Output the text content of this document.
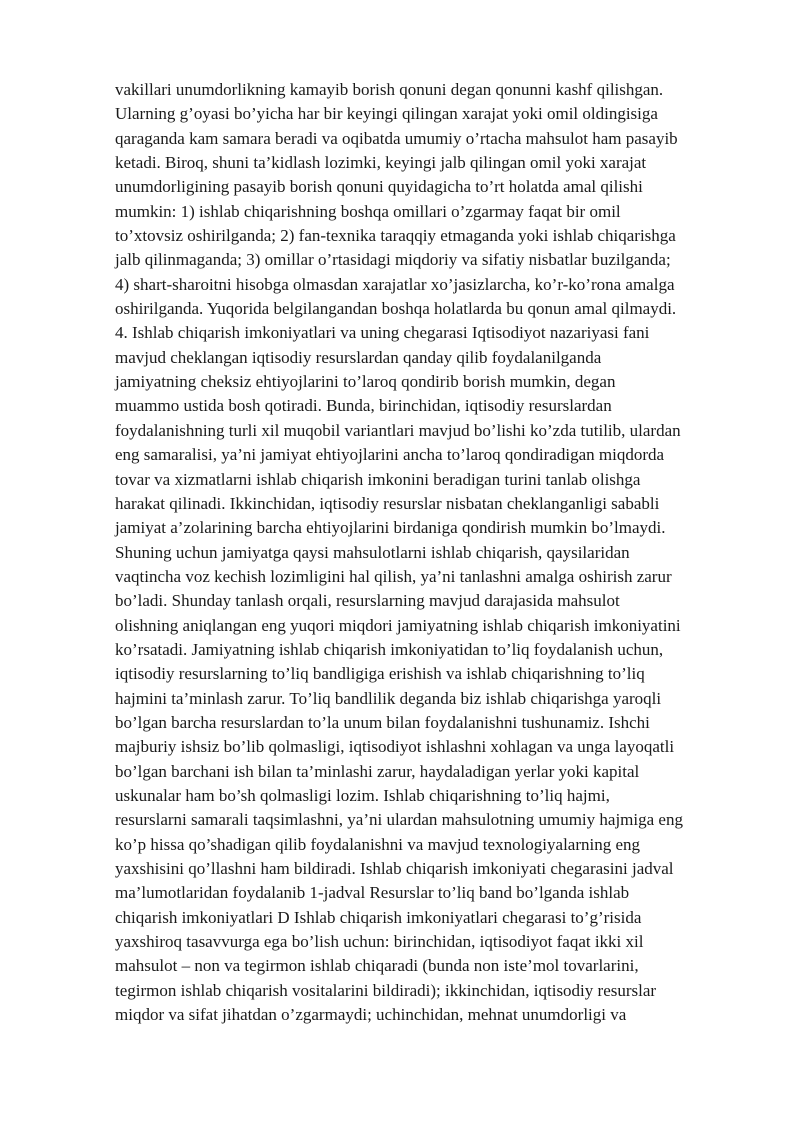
vakillari unumdorlikning kamayib borish qonuni degan qonunni kashf qilishgan.
Ularning g’oyasi bo’yicha har bir keyingi qilingan xarajat yoki omil oldingisiga
qaraganda kam samara beradi va oqibatda umumiy o’rtacha mahsulot ham pasayib
ketadi. Biroq, shuni ta’kidlash lozimki, keyingi jalb qilingan omil yoki xarajat
unumdorligining pasayib borish qonuni quyidagicha to’rt holatda amal qilishi
mumkin: 1) ishlab chiqarishning boshqa omillari o’zgarmay faqat bir omil
to’xtovsiz oshirilganda; 2) fan-texnika taraqqiy etmaganda yoki ishlab chiqarishga
jalb qilinmaganda; 3) omillar o’rtasidagi miqdoriy va sifatiy nisbatlar buzilganda;
4) shart-sharoitni hisobga olmasdan xarajatlar xo’jasizlarcha, ko’r-ko’rona amalga
oshirilganda. Yuqorida belgilangandan boshqa holatlarda bu qonun amal qilmaydi.
4. Ishlab chiqarish imkoniyatlari va uning chegarasi Iqtisodiyot nazariyasi fani
mavjud cheklangan iqtisodiy resurslardan qanday qilib foydalanilganda
jamiyatning cheksiz ehtiyojlarini to’laroq qondirib borish mumkin, degan
muammo ustida bosh qotiradi. Bunda, birinchidan, iqtisodiy resurslardan
foydalanishning turli xil muqobil variantlari mavjud bo’lishi ko’zda tutilib, ulardan
eng samaralisi, ya’ni jamiyat ehtiyojlarini ancha to’laroq qondiradigan miqdorda
tovar va xizmatlarni ishlab chiqarish imkonini beradigan turini tanlab olishga
harakat qilinadi. Ikkinchidan, iqtisodiy resurslar nisbatan cheklanganligi sababli
jamiyat a’zolarining barcha ehtiyojlarini birdaniga qondirish mumkin bo’lmaydi.
Shuning uchun jamiyatga qaysi mahsulotlarni ishlab chiqarish, qaysilaridan
vaqtincha voz kechish lozimligini hal qilish, ya’ni tanlashni amalga oshirish zarur
bo’ladi. Shunday tanlash orqali, resurslarning mavjud darajasida mahsulot
olishning aniqlangan eng yuqori miqdori jamiyatning ishlab chiqarish imkoniyatini
ko’rsatadi. Jamiyatning ishlab chiqarish imkoniyatidan to’liq foydalanish uchun,
iqtisodiy resurslarning to’liq bandligiga erishish va ishlab chiqarishning to’liq
hajmini ta’minlash zarur. To’liq bandlilik deganda biz ishlab chiqarishga yaroqli
bo’lgan barcha resurslardan to’la unum bilan foydalanishni tushunamiz. Ishchi
majburiy ishsiz bo’lib qolmasligi, iqtisodiyot ishlashni xohlagan va unga layoqatli
bo’lgan barchani ish bilan ta’minlashi zarur, haydaladigan yerlar yoki kapital
uskunalar ham bo’sh qolmasligi lozim. Ishlab chiqarishning to’liq hajmi,
resurslarni samarali taqsimlashni, ya’ni ulardan mahsulotning umumiy hajmiga eng
ko’p hissa qo’shadigan qilib foydalanishni va mavjud texnologiyalarning eng
yaxshisini qo’llashni ham bildiradi. Ishlab chiqarish imkoniyati chegarasini jadval
ma’lumotlaridan foydalanib 1-jadval Resurslar to’liq band bo’lganda ishlab
chiqarish imkoniyatlari D Ishlab chiqarish imkoniyatlari chegarasi to’g’risida
yaxshiroq tasavvurga ega bo’lish uchun: birinchidan, iqtisodiyot faqat ikki xil
mahsulot – non va tegirmon ishlab chiqaradi (bunda non iste’mol tovarlarini,
tegirmon ishlab chiqarish vositalarini bildiradi); ikkinchidan, iqtisodiy resurslar
miqdor va sifat jihatdan o’zgarmaydi; uchinchidan, mehnat unumdorligi va
